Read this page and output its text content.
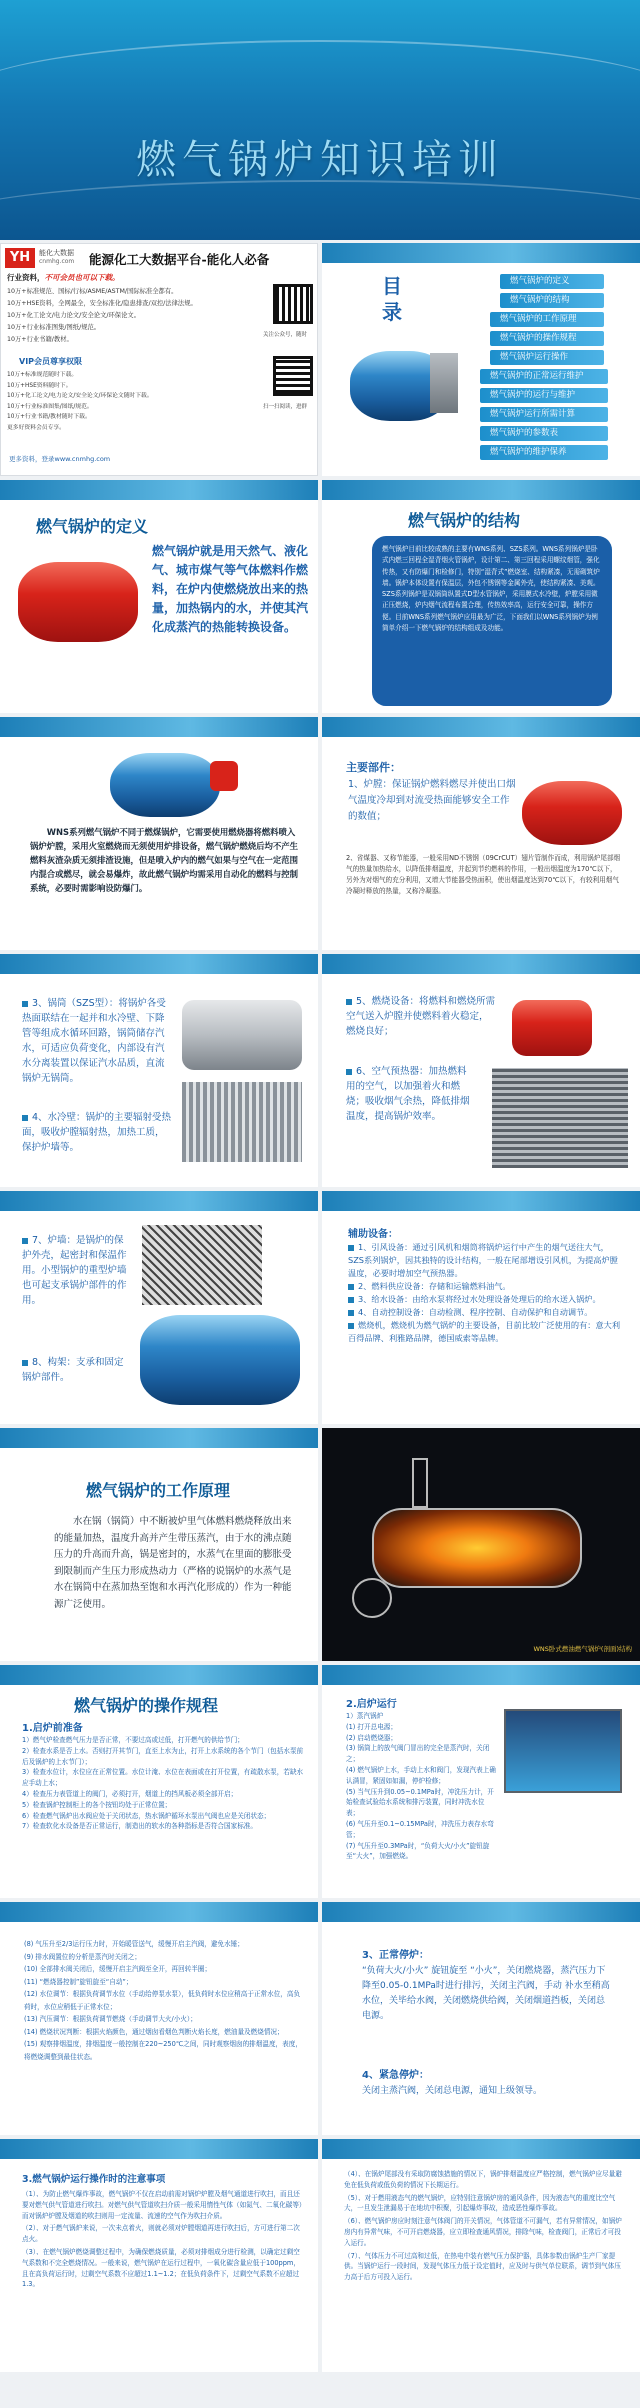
燃气锅炉知识培训
YH	能化大数据
cnmhg.com 能源化工大数据平台-能化人必备
行业资料，不可会员也可以下载。
10万+标准规范、国标/行标/ASME/ASTM/国际标准全都有。
10万+HSE资料，全网最全，安全标准化/隐患排查/双控/法律法规。
10万+化工论文/电力论文/安全论文/环保论文。
10万+行业标准图集/图纸/规范。
10万+行业书籍/教材。
VIP会员尊享权限
10万+标准规范随时下载。
10万+HSE资料随时下。
10万+化工论文/电力论文/安全论文/环保论文随时下载。
10万+行业标准图集/图纸/规范。
10万+行业书籍/教材随时下载。
更多好资料会员专享。
关注公众号，随时
扫一扫阅读，进群
更多资料，登录www.cnmhg.com
目录
燃气锅炉的定义
燃气锅炉的结构
燃气锅炉的工作原理
燃气锅炉的操作规程
燃气锅炉运行操作
燃气锅炉的正常运行维护
燃气锅炉的运行与维护
燃气锅炉运行所需计算
燃气锅炉的参数表
燃气锅炉的维护保养
燃气锅炉的定义
燃气锅炉就是用天然气、液化气、城市煤气等气体燃料作燃料，在炉内使燃烧放出来的热量，加热锅内的水，并使其汽化成蒸汽的热能转换设备。
燃气锅炉的结构
燃气锅炉目前比较成熟的主要有WNS系列、SZS系列。WNS系列锅炉是卧式内燃三回程全湿背烟火管锅炉，设计第二、第三回程采用螺纹烟管，强化传热，又有防爆门和检修门，特别“湿背式”燃烧室、结构紧凑，无需砌筑炉墙。锅炉本体设置有保温层，外包不锈钢等金属外壳，使结构紧凑、美观。SZS系列锅炉是双锅筒纵置式D型水管锅炉，采用膜式水冷壁，炉膛采用微正压燃烧，炉内烟气流程布置合理，传热效率高，运行安全可靠，操作方便。目前WNS系列燃气锅炉应用最为广泛，下面我们以WNS系列锅炉为例简单介绍一下燃气锅炉的结构组成及功能。
WNS系列燃气锅炉不同于燃煤锅炉，它需要使用燃烧器将燃料喷入锅炉炉膛，采用火室燃烧而无须使用炉排设备，燃气锅炉燃烧后均不产生燃料灰渣杂质无须排渣设施，但是喷入炉内的燃气如果与空气在一定范围内混合或燃尽，就会易爆炸，故此燃气锅炉均需采用自动化的燃料与控制系统，必要时需影响设防爆门。
主要部件：
1、炉膛：保证锅炉燃料燃尽并使出口烟气温度冷却到对流受热面能够安全工作的数值；
2、省煤器、又称节能器，一般采用ND不锈钢（09CrCUT）翅片管制作而成，利用锅炉尾部烟气的热量加热给水，以降低排烟温度，并起到节约燃料的作用，一般出烟温度为170℃以下，另外为对烟气的充分利用，又增大节能器受热面积，使出烟温度达到70℃以下，有较利用烟气冷凝时释放的热量，又称冷凝器。
3、锅筒（SZS型）：将锅炉各受热面联结在一起并和水冷壁、下降管等组成水循环回路，锅筒储存汽水，可适应负荷变化，内部设有汽水分离装置以保证汽水品质，直流锅炉无锅筒。
4、水冷壁：锅炉的主要辐射受热面，吸收炉膛辐射热，加热工质，保护炉墙等。
5、燃烧设备：将燃料和燃烧所需空气送入炉膛并使燃料着火稳定，燃烧良好；
6、空气预热器：加热燃料用的空气，以加强着火和燃烧；吸收烟气余热，降低排烟温度，提高锅炉效率。
7、炉墙：是锅炉的保护外壳，起密封和保温作用。小型锅炉的重型炉墙也可起支承锅炉部件的作用。
8、构架：支承和固定锅炉部件。
辅助设备：
1、引风设备：通过引风机和烟筒将锅炉运行中产生的烟气送往大气，SZS系列锅炉，因其独特的设计结构，一般在尾部增设引风机，为提高炉膛温度，必要时增加空气预热器。
2、燃料供应设备：存储和运输燃料油气。
3、给水设备：由给水泵将经过水处理设备处理后的给水送入锅炉。
4、自动控制设备：自动检测、程序控制、自动保护和自动调节。
燃烧机，燃烧机为燃气锅炉的主要设备，目前比较广泛使用的有：意大利百得品牌、利雅路品牌，德国威索等品牌。
燃气锅炉的工作原理
水在锅（锅筒）中不断被炉里气体燃料燃烧释放出来的能量加热，温度升高并产生带压蒸汽，由于水的沸点随压力的升高而升高，锅是密封的，水蒸气在里面的膨胀受到限制而产生压力形成热动力（严格的说锅炉的水蒸气是水在锅筒中在蒸加热至饱和水再汽化形成的）作为一种能源广泛使用。
WNS卧式燃油燃气锅炉(剖面)结构
燃气锅炉的操作规程
1.启炉前准备
1）燃气炉检查燃气压力是否正常，不要过高或过低，打开燃气的供给节门；
2）检查水系是否上水。否则打开其节门，直至上水为止，打开上水系统的各个节门（包括水泵前后及锅炉的上水节门）；
3）检查水位计，水位应在正常位置。水位计淹、水位在表面或在打开位置，有疏散水泵，若缺水应手动上水；
4）检查压力表管道上的阀门，必须打开，烟道上的挡风板必须全部开启；
5）检查锅炉控制柜上的各个按钮均处于正常位置；
6）检查燃气锅炉出水阀应处于关闭状态，热水锅炉循环水泵出气阀也应是关闭状态；
7）检查软化水设备是否正常运行，制造出的软水的各种指标是否符合国家标准。
2.启炉运行
1）蒸汽锅炉
(1) 打开总电源；
(2) 启动燃烧器；
(3) 锅筒上的放气阀门冒出的完全是蒸汽时，关闭之；
(4) 燃气锅炉上水，手动上水和阀门，发现汽表上确认满冒，紧固如如漏，停炉检修；
(5) 当气压升到0.05~0.1MPa时，冲洗压力计，开始检查试验给水系统和排污装置，同时冲洗水位表；
(6) 气压升至0.1~0.15MPa时，冲洗压力表存水弯管；
(7) 气压升至0.3MPa时，“负荷大火/小火”旋钮旋至“大火”，加强燃烧。
(8) 气压升至2/3运行压力时，开始暖管送气，缓慢开启主汽阀，避免水锤；
(9) 排水阀置位的分析是蒸汽时关闭之；
(10) 全部排水阀关闭后，缓慢开启主汽阀至全开，再回转半圈；
(11) “燃烧器控制”旋钮旋至“自动”；
(12) 水位调节：根据负荷调节水位（手动给停泵水泵），低负荷时水位应稍高于正常水位，高负荷时，水位应稍低于正常水位；
(13) 汽压调节：根据负荷调节燃烧（手动调节大火/小火）；
(14) 燃烧状况判断：根据火焰颜色，通过烟囱看烟色判断火焰长度，燃油量及燃烧情况；
(15) 观察排烟温度，排烟温度一般控制在220~250℃之间，同时观察烟囱的排烟温度，表度，将燃烧调整到最佳状态。
3、正常停炉：
“负荷大火/小火” 旋钮旋至 “小火”，关闭燃烧器，蒸汽压力下降至0.05-0.1MPa时进行排污，关闭主汽阀，手动 补水至稍高水位，关毕给水阀，关闭燃烧供给阀，关闭烟道挡板，关闭总电源。
4、紧急停炉：
关闭主蒸汽阀，关闭总电源，通知上级领导。
3.燃气锅炉运行操作时的注意事项
（1）、为防止燃气爆炸事故，燃气锅炉不仅在启动前需对锅炉炉膛及烟气通道进行吹扫，而且还要对燃气供气管道进行吹扫。对燃气供气管道吹扫介质一般采用惰性气体（如氮气、二氧化碳等）而对锅炉炉膛及烟道的吹扫则用一定流量、流速的空气作为吹扫介质。
（2）、对于燃气锅炉来说，一次未点着火，则就必须对炉膛烟道再进行吹扫后，方可进行第二次点火。
（3）、在燃气锅炉燃烧调整过程中，为确保燃烧质量，必须对排烟成分进行检测，以确定过剩空气系数和不完全燃烧情况。一般来说，燃气锅炉在运行过程中，一氧化碳含量应低于100ppm，且在高负荷运行时，过剩空气系数不应超过1.1~1.2；在低负荷条件下，过剩空气系数不应超过1.3。
（4）、在锅炉尾部没有采取防腐蚀措施的情况下，锅炉排烟温度应严格控制，燃气锅炉应尽量避免在低负荷或低负荷的情况下长期运行。
（5）、对于燃用液态气的燃气锅炉，应特别注意锅炉房的通风条件，因为液态气的重度比空气大，一旦发生泄漏易于在地坑中积聚，引起爆炸事故，造成恶性爆炸事故。
（6）、燃气锅炉房应时刻注意气体阀门的开关情况，气体管道不可漏气，若有异常情况，如锅炉房内有异常气味，不可开启燃烧器，应立即检查通风情况，排除气味，检查阀门，正常后才可投入运行。
（7）、气体压力不可过高和过低，在热电中装有燃气压力保护器，具体参数由锅炉生产厂家提供。当锅炉运行一段时间，发现气体压力低于设定值时，应及时与供气单位联系，调节到气体压力高于后方可投入运行。
